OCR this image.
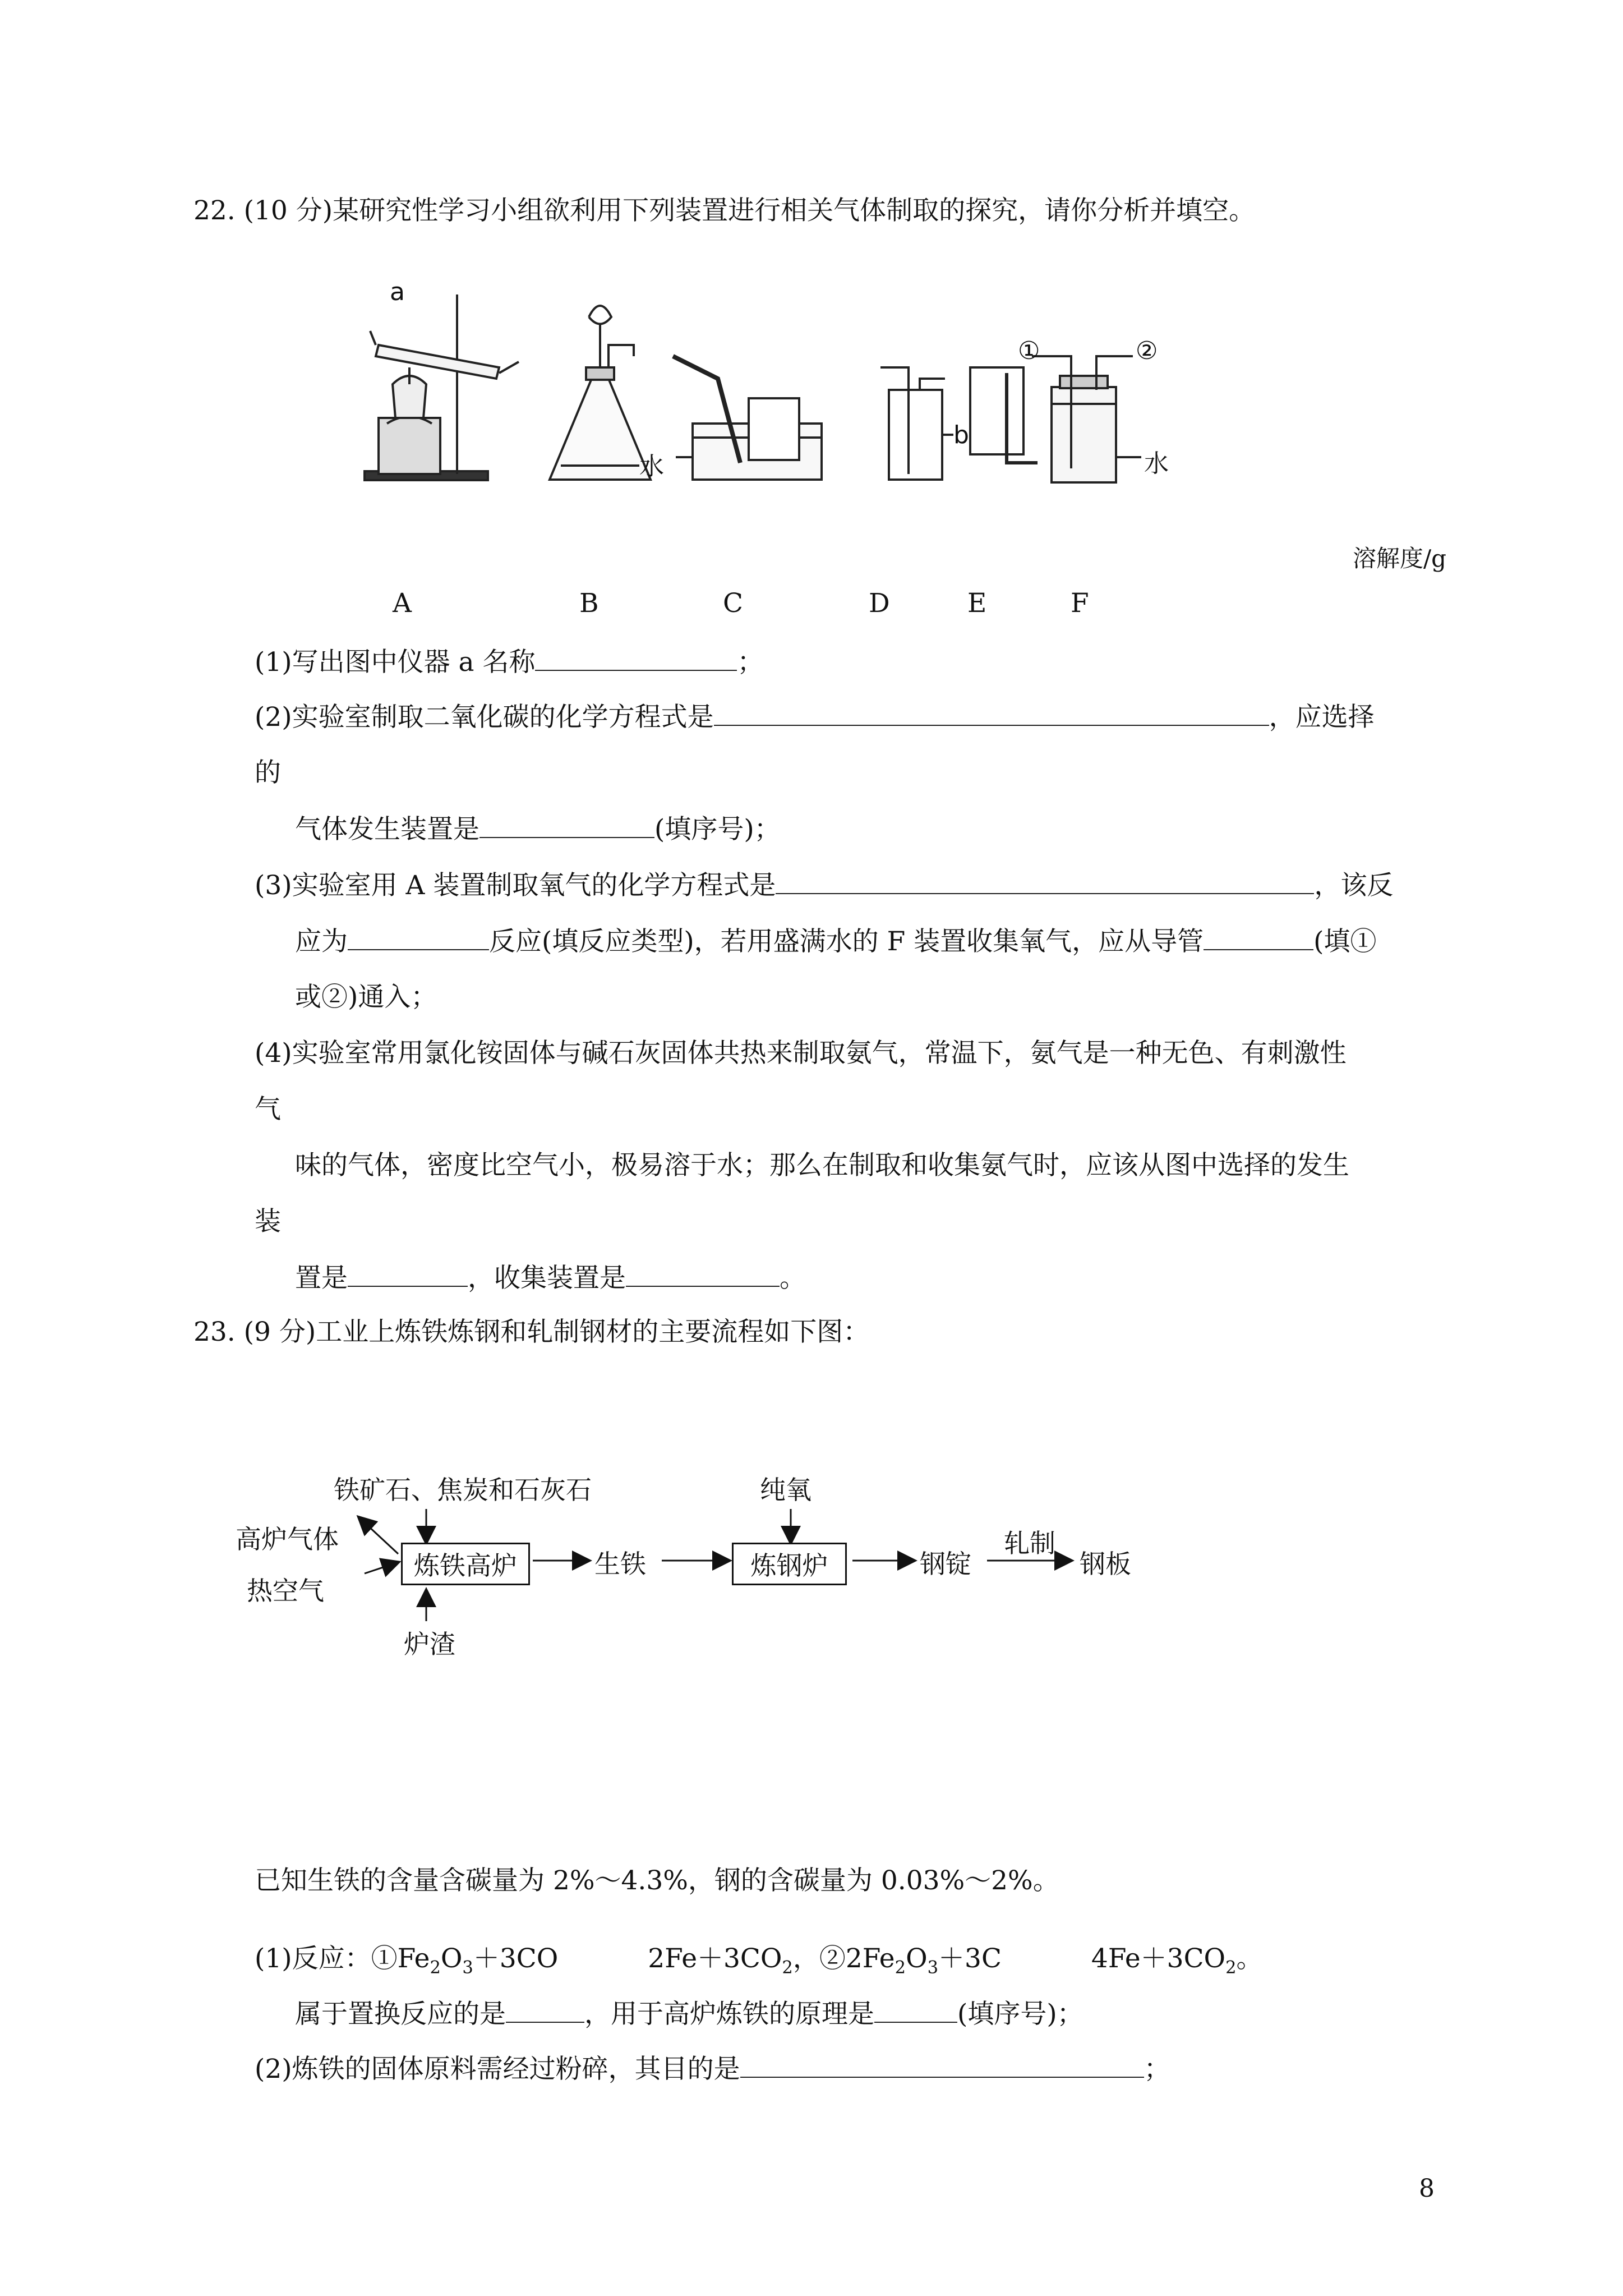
22. (10 分)某研究性学习小组欲利用下列装置进行相关气体制取的探究，请你分析并填空。
a
b
①	②
水	水
溶解度/g
A	B	C	D	E	F
(1)写出图中仪器 a 名称	；
(2)实验室制取二氧化碳的化学方程式是	，应选择
的
气体发生装置是	(填序号)；
(3)实验室用 A 装置制取氧气的化学方程式是	，该反
应为	反应(填反应类型)，若用盛满水的 F 装置收集氧气，应从导管	(填①
或②)通入；
(4)实验室常用氯化铵固体与碱石灰固体共热来制取氨气，常温下，氨气是一种无色、有刺激性
气
味的气体，密度比空气小，极易溶于水；那么在制取和收集氨气时，应该从图中选择的发生
装
置是	，收集装置是	。
23. (9 分)工业上炼铁炼钢和轧制钢材的主要流程如下图：
铁矿石、焦炭和石灰石
高炉气体
热空气
炼铁高炉
炉渣
生铁
纯氧
炼钢炉	钢锭
轧制
钢板
已知生铁的含量含碳量为 2%～4.3%，钢的含碳量为 0.03%～2%。
(1)反应：$①Fe_2O_3+3CO$	$2Fe+3CO_2$，$②2Fe_2O_3+3C$	$4Fe+3CO_2$。
属于置换反应的是	，用于高炉炼铁的原理是	(填序号)；
(2)炼铁的固体原料需经过粉碎，其目的是	；
8
